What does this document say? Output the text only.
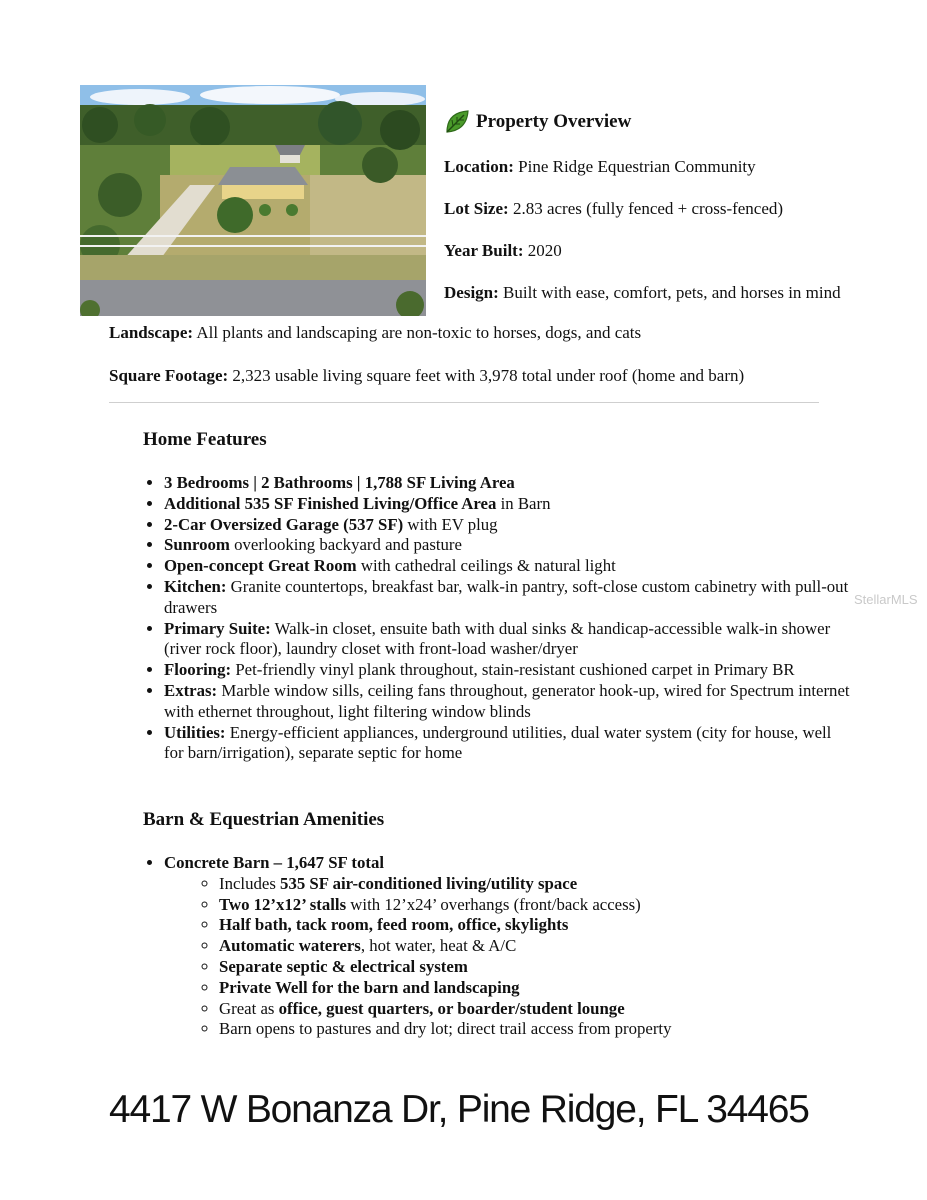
Property Overview
Location: Pine Ridge Equestrian Community
Lot Size: 2.83 acres (fully fenced + cross-fenced)
Year Built: 2020
Design: Built with ease, comfort, pets, and horses in mind
Landscape: All plants and landscaping are non-toxic to horses, dogs, and cats
Square Footage: 2,323 usable living square feet with 3,978 total under roof (home and barn)
Home Features
• 3 Bedrooms | 2 Bathrooms | 1,788 SF Living Area
• Additional 535 SF Finished Living/Office Area in Barn
• 2-Car Oversized Garage (537 SF) with EV plug
• Sunroom overlooking backyard and pasture
• Open-concept Great Room with cathedral ceilings & natural light
• Kitchen: Granite countertops, breakfast bar, walk-in pantry, soft-close custom cabinetry with pull-out drawers
• Primary Suite: Walk-in closet, ensuite bath with dual sinks & handicap-accessible walk-in shower (river rock floor), laundry closet with front-load washer/dryer
• Flooring: Pet-friendly vinyl plank throughout, stain-resistant cushioned carpet in Primary BR
• Extras: Marble window sills, ceiling fans throughout, generator hook-up, wired for Spectrum internet with ethernet throughout, light filtering window blinds
• Utilities: Energy-efficient appliances, underground utilities, dual water system (city for house, well for barn/irrigation), separate septic for home
StellarMLS
Barn & Equestrian Amenities
• Concrete Barn – 1,647 SF total
◦ Includes 535 SF air-conditioned living/utility space
◦ Two 12’x12’ stalls with 12’x24’ overhangs (front/back access)
◦ Half bath, tack room, feed room, office, skylights
◦ Automatic waterers, hot water, heat & A/C
◦ Separate septic & electrical system
◦ Private Well for the barn and landscaping
◦ Great as office, guest quarters, or boarder/student lounge
◦ Barn opens to pastures and dry lot; direct trail access from property
4417 W Bonanza Dr, Pine Ridge, FL 34465
